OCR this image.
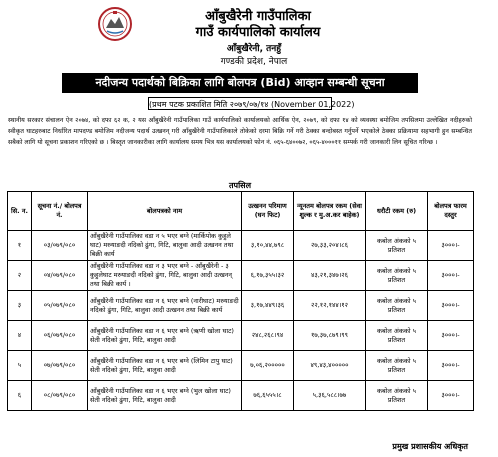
आँबुखैरेनी गाउँपालिका
गाउँ कार्यपालिको कार्यालय
आँबुखैरेनी, तनहुँ
गण्डकी प्रदेश, नेपाल
नदीजन्य पदार्थको बिक्रिका लागि बोलपत्र (Bid) आव्हान सम्बन्धी सूचना
(प्रथम पटक प्रकाशित मिति २०७९/०७/१४ (November 01,2022)
स्थानीय सरकार संचालन ऐन २०७४, को दफा ६२ क, २ यस आँबुखैरेनी गाउँपालिका गाउँ कार्यपालिको कार्यालयको आर्थिक ऐन, २०७९, को दफा १४ को व्यवस्था बमोजिम तपसिलमा उल्लेखित नदीहरुको स्वीकृत घाटहरुबाट निर्धारित मापदण्ड बमोजिम नदीजन्य पदार्थ उत्खनन् गरी आँबुखैरेनी गाउँपालिकाले तोकेको दरमा बिक्रि गर्ने गरी ठेक्का बन्दोबस्त गर्नुपर्ने भएकोले ठेक्का प्रक्रियामा सहभागी हुन सम्बन्धित सबैको लागि यो सूचना प्रकाशन गरिएको छ । बिस्तृत जानकारीका लागि कार्यालय समय भित्र यस कार्यालयको फोन नं. ०६५-६४००७२, ०६५-४०००११ सम्पर्क गरी जानकारी लिन सूचित गरिन्छ ।
तपसिल
सि. न.	सूचना नं./ बोलपत्र नं.	बोलपत्रको नाम	उत्खनन परिमाण (घन फिट)	न्यूनतम बोलपत्र रकम (सेवा शुल्क र मु.अ.कर बाहेक)	धरौटी रकम (रु)	बोलपत्र फारम दस्तुर
१	०३/०७९/०८०	आँबुखैरेनी गाउँपालिका वडा न ५ भएर बग्ने (मार्किपोक कुहुले घाट) मस्र्याङदी नदिको ढुंगा, गिटि, बालुवा आदी उत्खनन तथा बिक्री कार्य	३,१०,४४,७९८	२७,३३,२०४।८६	कबोल अंकको ५ प्रतिशत	३०००।-
२	०४/०७९/०८०	आँबुखैरेनी गाउँपालिका वडा न ३ भएर बग्ने - आँबुखैरेनी - ३ कुहुलेघाट मस्र्याङदी नदिको ढुंगा, गिटि, बालुवा आदी उत्खनन् तथा बिक्री कार्य ।	६,१७,३५५।३२	४३,२१,३४७।२६	कबोल अंकको ५ प्रतिशत	३०००।-
३	०५/०७९/०८०	आँबुखैरेनी गाउँपालिका वडा न ६ भएर बग्ने (नारीघाट) मस्र्याङदी नदिको ढुंगा, गिटि, बालुवा आदी उत्खनन तथा बिक्री कार्य	३,१७,४४९।३६	२२,१२,१४४।१२	कबोल अंकको ५ प्रतिशत	३०००।-
४	०६/०७९/०८०	आँबुखैरेनी गाउँपालिका वडा न ६ भएर बग्ने (ऋणी खोला घाट) सेती नदिको ढुंगा, गिटि, बालुवा आदी	२४८,२६८।९४	१७,३७,८७९।९९	कबोल अंकको ५ प्रतिशत	३०००।-
५	०७/०७९/०८०	आँबुखैरेनी गाउँपालिका वडा न ६ भएर बग्ने (लिमिन टापु घाट) सेती नदिको ढुंगा, गिटि, बालुवा आदी	७,०६,२०००००	४९,४३,४०००००	कबोल अंकको ५ प्रतिशत	३०००।-
६	०८/०७९/०८०	आँबुखैरेनी गाउँपालिका वडा न ६ भएर बग्ने (भुल खोला घाट) सेती नदिको ढुंगा, गिटि, बालुवा आदी	७६,६५५५।८	५,३६,५८८।७७	कबोल अंकको ५ प्रतिशत	३०००।-
प्रमुख प्रशासकीय अधिकृत
